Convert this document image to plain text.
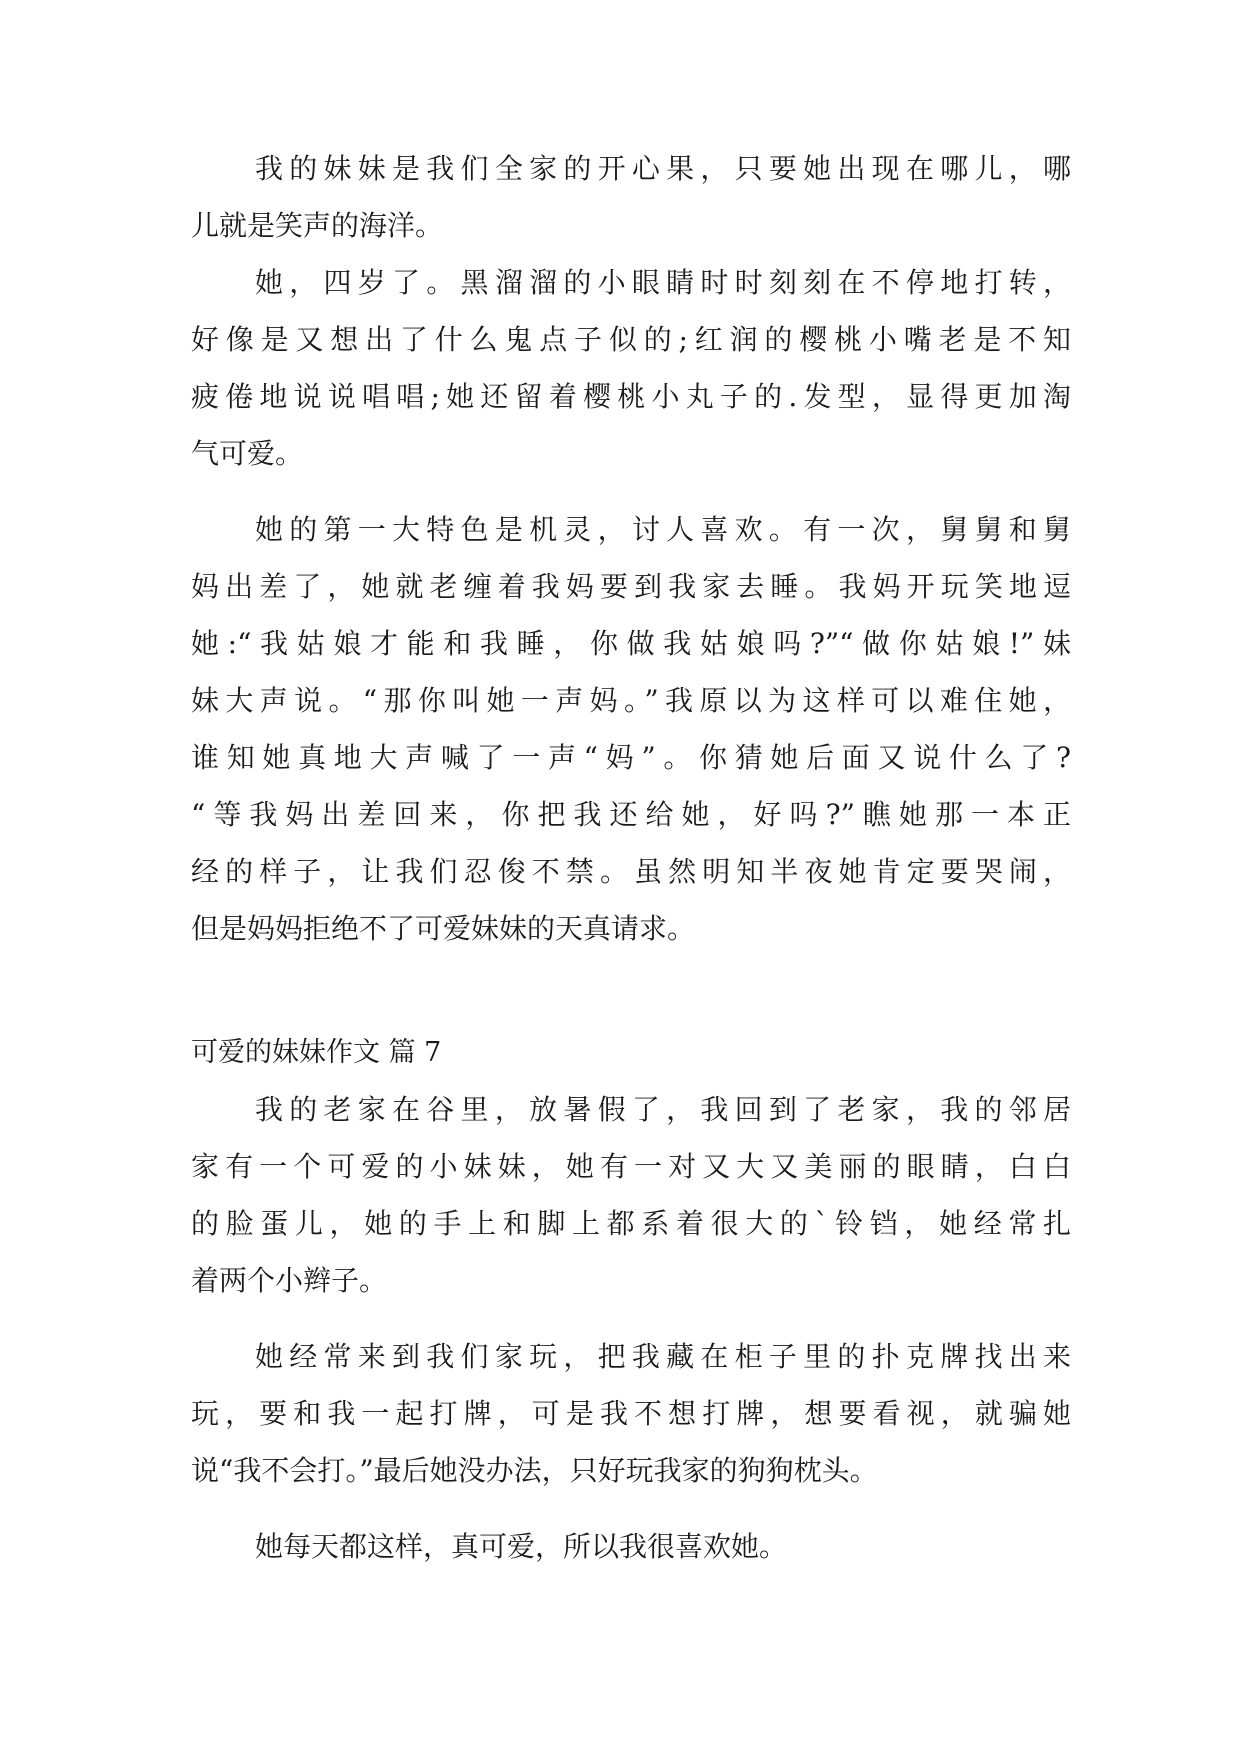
我的妹妹是我们全家的开心果，只要她出现在哪儿，哪

儿就是笑声的海洋。

她，四岁了。黑溜溜的小眼睛时时刻刻在不停地打转，

好像是又想出了什么鬼点子似的;红润的樱桃小嘴老是不知

疲倦地说说唱唱;她还留着樱桃小丸子的.发型，显得更加淘

气可爱。

她的第一大特色是机灵，讨人喜欢。有一次，舅舅和舅

妈出差了，她就老缠着我妈要到我家去睡。我妈开玩笑地逗

她:“我姑娘才能和我睡，你做我姑娘吗?”“做你姑娘!”妹

妹大声说。“那你叫她一声妈。”我原以为这样可以难住她，

谁知她真地大声喊了一声“妈”。你猜她后面又说什么了?

“等我妈出差回来，你把我还给她，好吗?”瞧她那一本正

经的样子，让我们忍俊不禁。虽然明知半夜她肯定要哭闹，

但是妈妈拒绝不了可爱妹妹的天真请求。

可爱的妹妹作文 篇 7

我的老家在谷里，放暑假了，我回到了老家，我的邻居

家有一个可爱的小妹妹，她有一对又大又美丽的眼睛，白白

的脸蛋儿，她的手上和脚上都系着很大的`铃铛，她经常扎

着两个小辫子。

她经常来到我们家玩，把我藏在柜子里的扑克牌找出来

玩，要和我一起打牌，可是我不想打牌，想要看视，就骗她

说“我不会打。”最后她没办法，只好玩我家的狗狗枕头。

她每天都这样，真可爱，所以我很喜欢她。
